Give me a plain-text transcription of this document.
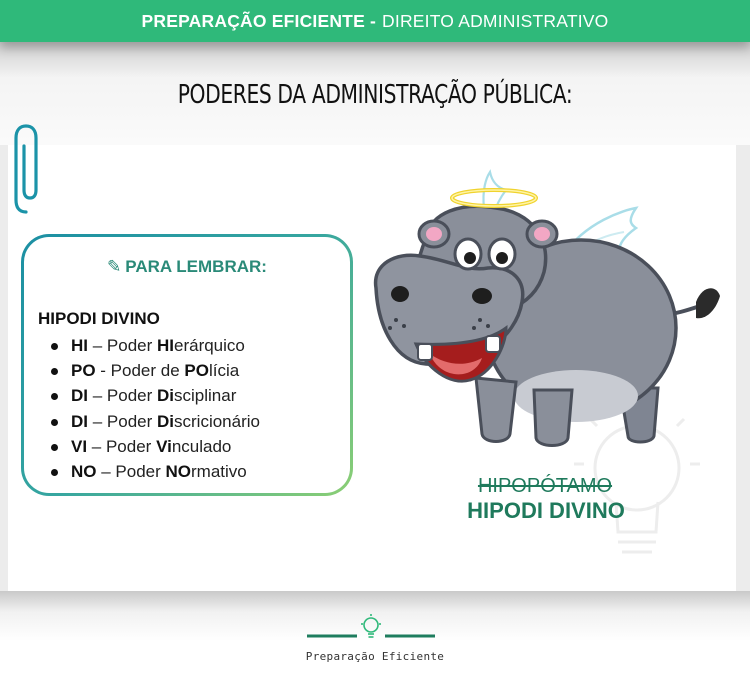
PREPARAÇÃO EFICIENTE - DIREITO ADMINISTRATIVO
PODERES DA ADMINISTRAÇÃO PÚBLICA:
✎ PARA LEMBRAR:
HIPODI DIVINO
HI – Poder HIerárquico
PO - Poder de POlícia
DI – Poder Disciplinar
DI – Poder Discricionário
VI – Poder Vinculado
NO – Poder NOrmativo
HIPOPÓTAMO
HIPODI DIVINO
Preparação Eficiente
